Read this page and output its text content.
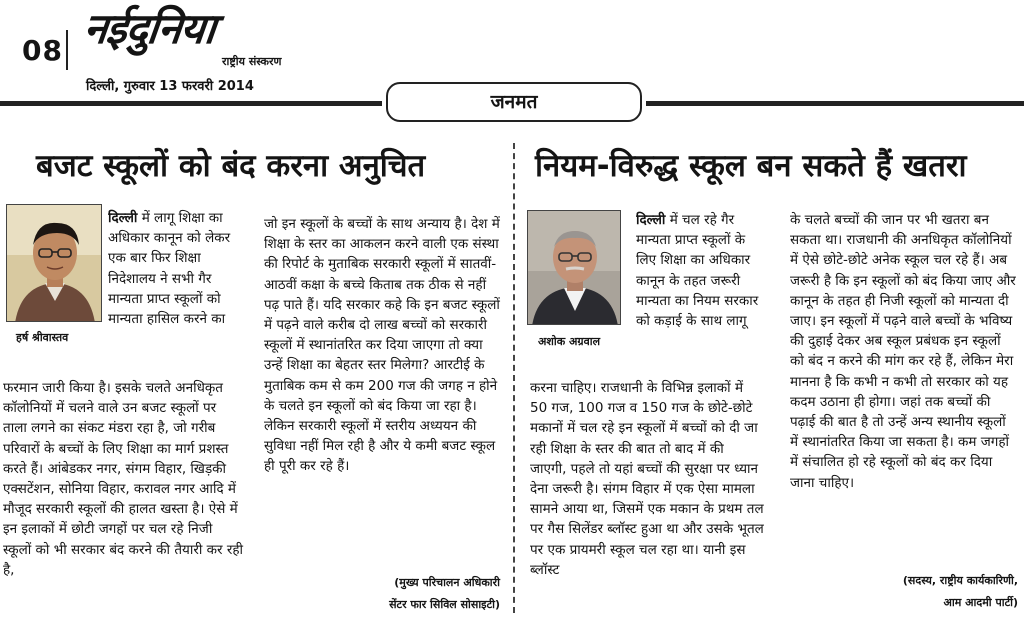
08 नईदुनिया
राष्ट्रीय संस्करण
दिल्ली, गुरुवार 13 फरवरी 2014
जनमत
बजट स्कूलों को बंद करना अनुचित
हर्ष श्रीवास्तव
दिल्ली में लागू शिक्षा का अधिकार कानून को लेकर एक बार फिर शिक्षा निदेशालय ने सभी गैर मान्यता प्राप्त स्कूलों को मान्यता हासिल करने का
फरमान जारी किया है। इसके चलते अनधिकृत कॉलोनियों में चलने वाले उन बजट स्कूलों पर ताला लगने का संकट मंडरा रहा है, जो गरीब परिवारों के बच्चों के लिए शिक्षा का मार्ग प्रशस्त करते हैं। आंबेडकर नगर, संगम विहार, खिड़की एक्सटेंशन, सोनिया विहार, करावल नगर आदि में मौजूद सरकारी स्कूलों की हालत खस्ता है। ऐसे में इन इलाकों में छोटी जगहों पर चल रहे निजी स्कूलों को भी सरकार बंद करने की तैयारी कर रही है,
जो इन स्कूलों के बच्चों के साथ अन्याय है। देश में शिक्षा के स्तर का आकलन करने वाली एक संस्था की रिपोर्ट के मुताबिक सरकारी स्कूलों में सातवीं-आठवीं कक्षा के बच्चे किताब तक ठीक से नहीं पढ़ पाते हैं। यदि सरकार कहे कि इन बजट स्कूलों में पढ़ने वाले करीब दो लाख बच्चों को सरकारी स्कूलों में स्थानांतरित कर दिया जाएगा तो क्या उन्हें शिक्षा का बेहतर स्तर मिलेगा? आरटीई के मुताबिक कम से कम 200 गज की जगह न होने के चलते इन स्कूलों को बंद किया जा रहा है। लेकिन सरकारी स्कूलों में स्तरीय अध्ययन की सुविधा नहीं मिल रही है और ये कमी बजट स्कूल ही पूरी कर रहे हैं।
(मुख्य परिचालन अधिकारी
सेंटर फार सिविल सोसाइटी)
नियम-विरुद्ध स्कूल बन सकते हैं खतरा
अशोक अग्रवाल
दिल्ली में चल रहे गैर मान्यता प्राप्त स्कूलों के लिए शिक्षा का अधिकार कानून के तहत जरूरी मान्यता का नियम सरकार को कड़ाई के साथ लागू
करना चाहिए। राजधानी के विभिन्न इलाकों में 50 गज, 100 गज व 150 गज के छोटे-छोटे मकानों में चल रहे इन स्कूलों में बच्चों को दी जा रही शिक्षा के स्तर की बात तो बाद में की जाएगी, पहले तो यहां बच्चों की सुरक्षा पर ध्यान देना जरूरी है। संगम विहार में एक ऐसा मामला सामने आया था, जिसमें एक मकान के प्रथम तल पर गैस सिलेंडर ब्लॉस्ट हुआ था और उसके भूतल पर एक प्रायमरी स्कूल चल रहा था। यानी इस ब्लॉस्ट
के चलते बच्चों की जान पर भी खतरा बन सकता था। राजधानी की अनधिकृत कॉलोनियों में ऐसे छोटे-छोटे अनेक स्कूल चल रहे हैं। अब जरूरी है कि इन स्कूलों को बंद किया जाए और कानून के तहत ही निजी स्कूलों को मान्यता दी जाए। इन स्कूलों में पढ़ने वाले बच्चों के भविष्य की दुहाई देकर अब स्कूल प्रबंधक इन स्कूलों को बंद न करने की मांग कर रहे हैं, लेकिन मेरा मानना है कि कभी न कभी तो सरकार को यह कदम उठाना ही होगा। जहां तक बच्चों की पढ़ाई की बात है तो उन्हें अन्य स्थानीय स्कूलों में स्थानांतरित किया जा सकता है। कम जगहों में संचालित हो रहे स्कूलों को बंद कर दिया जाना चाहिए।
(सदस्य, राष्ट्रीय कार्यकारिणी,
आम आदमी पार्टी)
